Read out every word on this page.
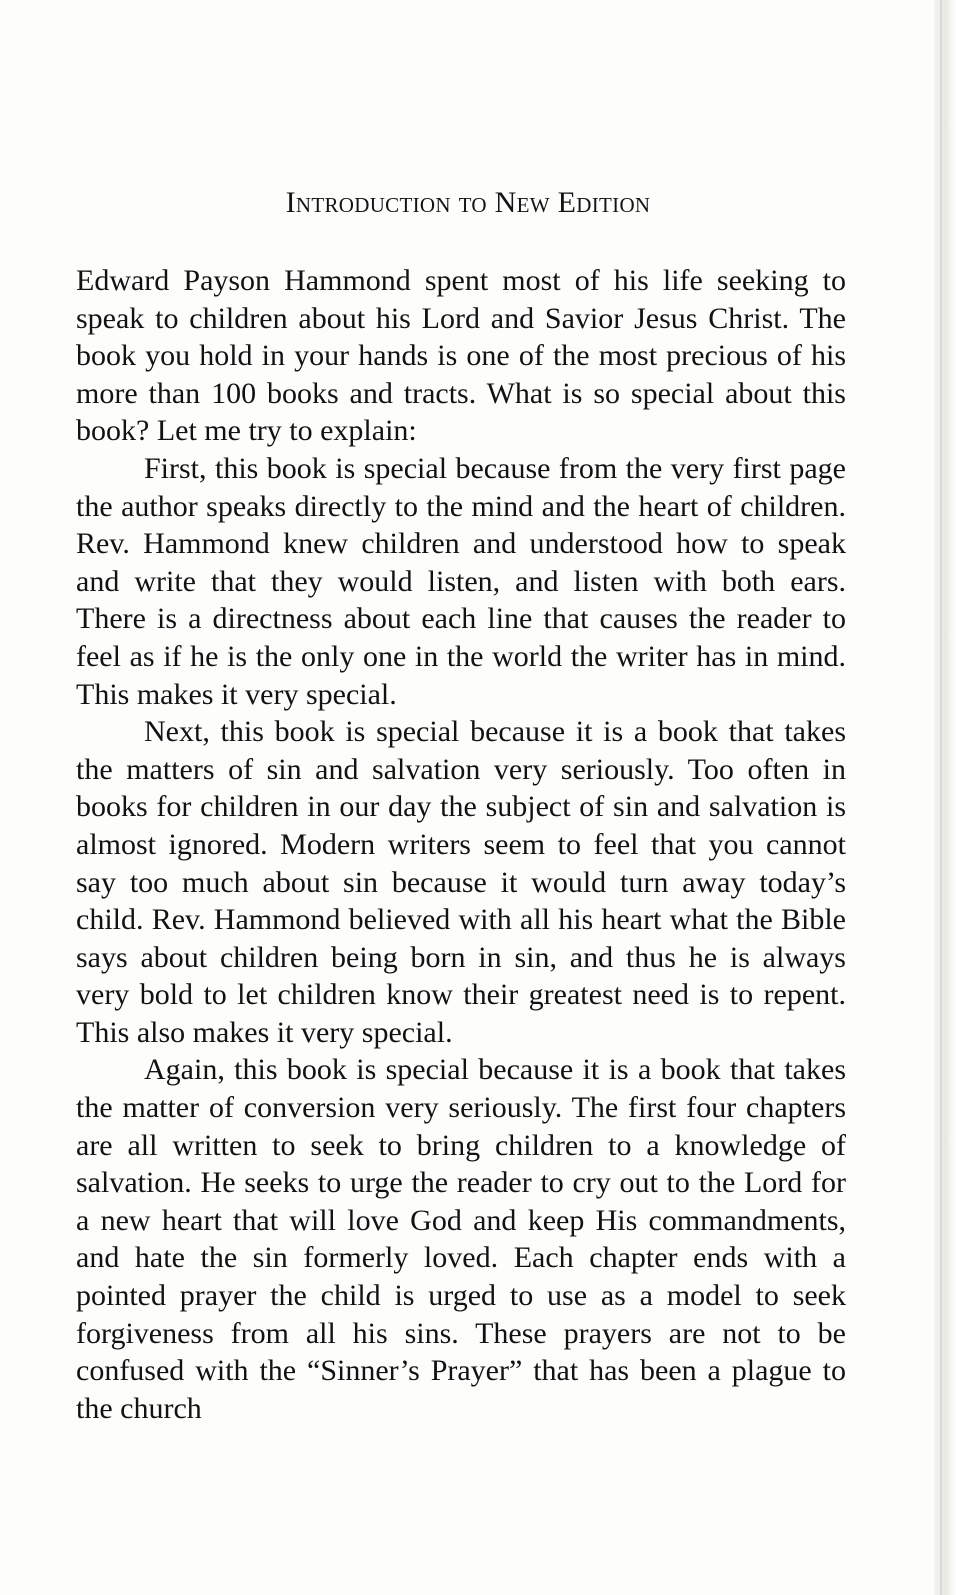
Introduction to New Edition

Edward Payson Hammond spent most of his life seeking to speak to children about his Lord and Savior Jesus Christ. The book you hold in your hands is one of the most precious of his more than 100 books and tracts. What is so special about this book? Let me try to explain:

First, this book is special because from the very first page the author speaks directly to the mind and the heart of children. Rev. Hammond knew children and understood how to speak and write that they would listen, and listen with both ears. There is a directness about each line that causes the reader to feel as if he is the only one in the world the writer has in mind. This makes it very special.

Next, this book is special because it is a book that takes the matters of sin and salvation very seriously. Too often in books for children in our day the subject of sin and salvation is almost ignored. Modern writers seem to feel that you cannot say too much about sin because it would turn away today’s child. Rev. Hammond believed with all his heart what the Bible says about children being born in sin, and thus he is always very bold to let children know their greatest need is to repent. This also makes it very special.

Again, this book is special because it is a book that takes the matter of conversion very seriously. The first four chapters are all written to seek to bring children to a knowledge of salvation. He seeks to urge the reader to cry out to the Lord for a new heart that will love God and keep His commandments, and hate the sin formerly loved. Each chapter ends with a pointed prayer the child is urged to use as a model to seek forgiveness from all his sins. These prayers are not to be confused with the “Sinner’s Prayer” that has been a plague to the church
